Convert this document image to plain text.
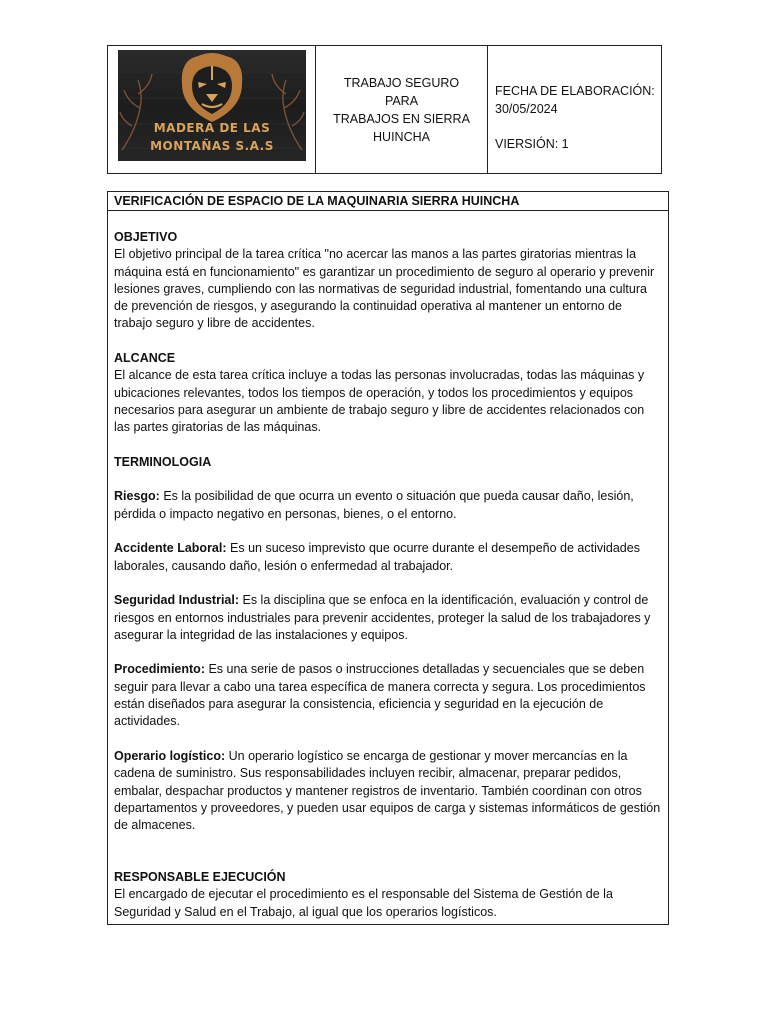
MADERA DE LAS
MONTAÑAS S.A.S
TRABAJO SEGURO PARA
TRABAJOS EN SIERRA
HUINCHA
FECHA DE ELABORACIÓN:
30/05/2024
VIERSIÓN: 1
VERIFICACIÓN DE ESPACIO DE LA MAQUINARIA SIERRA HUINCHA

OBJETIVO
El objetivo principal de la tarea crítica "no acercar las manos a las partes giratorias mientras la máquina está en funcionamiento" es garantizar un procedimiento de seguro al operario y prevenir lesiones graves, cumpliendo con las normativas de seguridad industrial, fomentando una cultura de prevención de riesgos, y asegurando la continuidad operativa al mantener un entorno de trabajo seguro y libre de accidentes.

ALCANCE
El alcance de esta tarea crítica incluye a todas las personas involucradas, todas las máquinas y ubicaciones relevantes, todos los tiempos de operación, y todos los procedimientos y equipos necesarios para asegurar un ambiente de trabajo seguro y libre de accidentes relacionados con las partes giratorias de las máquinas.

TERMINOLOGIA

Riesgo: Es la posibilidad de que ocurra un evento o situación que pueda causar daño, lesión, pérdida o impacto negativo en personas, bienes, o el entorno.

Accidente Laboral: Es un suceso imprevisto que ocurre durante el desempeño de actividades laborales, causando daño, lesión o enfermedad al trabajador.

Seguridad Industrial: Es la disciplina que se enfoca en la identificación, evaluación y control de riesgos en entornos industriales para prevenir accidentes, proteger la salud de los trabajadores y asegurar la integridad de las instalaciones y equipos.

Procedimiento: Es una serie de pasos o instrucciones detalladas y secuenciales que se deben seguir para llevar a cabo una tarea específica de manera correcta y segura. Los procedimientos están diseñados para asegurar la consistencia, eficiencia y seguridad en la ejecución de actividades.

Operario logístico: Un operario logístico se encarga de gestionar y mover mercancías en la cadena de suministro. Sus responsabilidades incluyen recibir, almacenar, preparar pedidos, embalar, despachar productos y mantener registros de inventario. También coordinan con otros departamentos y proveedores, y pueden usar equipos de carga y sistemas informáticos de gestión de almacenes.

RESPONSABLE EJECUCIÓN
El encargado de ejecutar el procedimiento es el responsable del Sistema de Gestión de la Seguridad y Salud en el Trabajo, al igual que los operarios logísticos.
